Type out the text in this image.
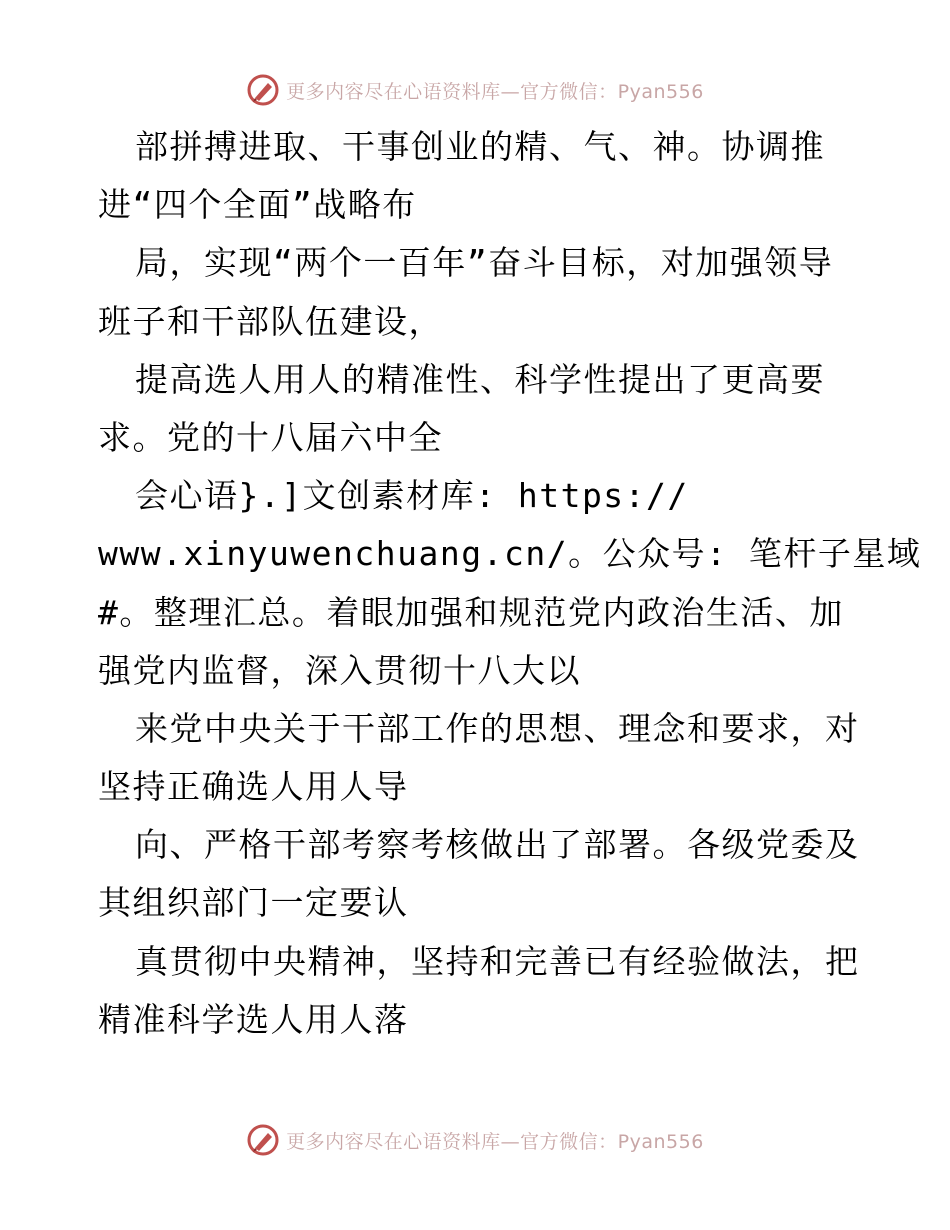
更多内容尽在心语资料库—官方微信：Pyan556
部拼搏进取、干事创业的精、气、神。协调推
进“四个全面”战略布
局，实现“两个一百年”奋斗目标，对加强领导
班子和干部队伍建设，
提高选人用人的精准性、科学性提出了更高要
求。党的十八届六中全
会心语}.]文创素材库: https://
www.xinyuwenchuang.cn/。公众号: 笔杆子星域
#。整理汇总。着眼加强和规范党内政治生活、加
强党内监督，深入贯彻十八大以
来党中央关于干部工作的思想、理念和要求，对
坚持正确选人用人导
向、严格干部考察考核做出了部署。各级党委及
其组织部门一定要认
真贯彻中央精神，坚持和完善已有经验做法，把
精准科学选人用人落
更多内容尽在心语资料库—官方微信：Pyan556
